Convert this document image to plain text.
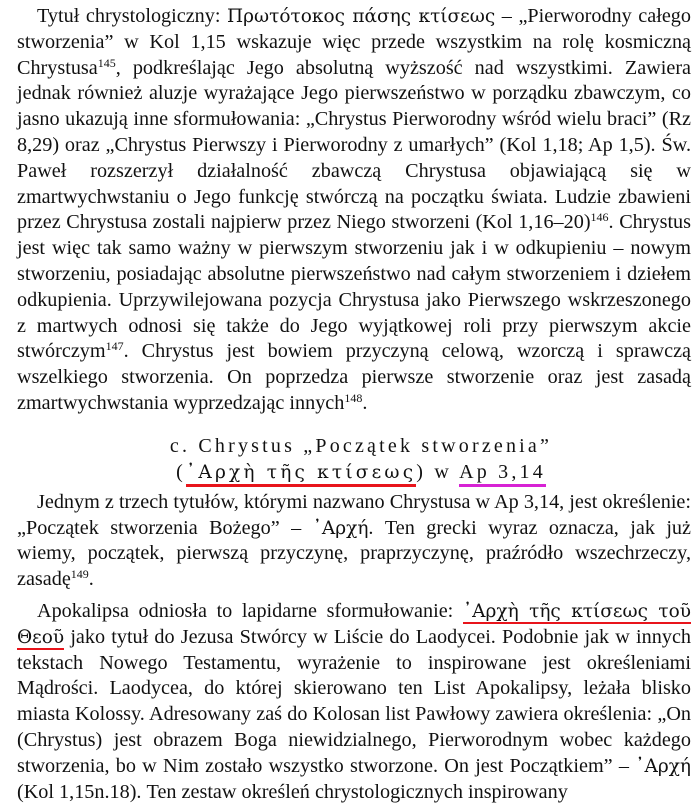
Tytuł chrystologiczny: Πρωτότοκος πάσης κτίσεως – „Pierworodny całego stworzenia” w Kol 1,15 wskazuje więc przede wszystkim na rolę kosmiczną Chrystusa$^{145}$, podkreślając Jego absolutną wyższość nad wszystkimi. Zawiera jednak również aluzje wyrażające Jego pierwszeństwo w porządku zbawczym, co jasno ukazują inne sformułowania: „Chrystus Pierworodny wśród wielu braci” (Rz 8,29) oraz „Chrystus Pierwszy i Pierworodny z umarłych” (Kol 1,18; Ap 1,5). Św. Paweł rozszerzył działalność zbawczą Chrystusa objawiającą się w zmartwychwstaniu o Jego funkcję stwórczą na początku świata. Ludzie zbawieni przez Chrystusa zostali najpierw przez Niego stworzeni (Kol 1,16–20)$^{146}$. Chrystus jest więc tak samo ważny w pierwszym stworzeniu jak i w odkupieniu – nowym stworzeniu, posiadając absolutne pierwszeństwo nad całym stworzeniem i dziełem odkupienia. Uprzywilejowana pozycja Chrystusa jako Pierwszego wskrzeszonego z martwych odnosi się także do Jego wyjątkowej roli przy pierwszym akcie stwórczym$^{147}$. Chrystus jest bowiem przyczyną celową, wzorczą i sprawczą wszelkiego stworzenia. On poprzedza pierwsze stworzenie oraz jest zasadą zmartwychwstania wyprzedzając innych$^{148}$.

c. Chrystus „Początek stworzenia”
(᾿Αρχὴ τῆς κτίσεως) w Ap 3,14

Jednym z trzech tytułów, którymi nazwano Chrystusa w Ap 3,14, jest określenie: „Początek stworzenia Bożego” – ᾿Αρχή. Ten grecki wyraz oznacza, jak już wiemy, początek, pierwszą przyczynę, praprzyczynę, praźródło wszechrzeczy, zasadę$^{149}$.

Apokalipsa odniosła to lapidarne sformułowanie: ᾿Αρχὴ τῆς κτίσεως τοῦ Θεοῦ jako tytuł do Jezusa Stwórcy w Liście do Laodycei. Podobnie jak w innych tekstach Nowego Testamentu, wyrażenie to inspirowane jest określeniami Mądrości. Laodycea, do której skierowano ten List Apokalipsy, leżała blisko miasta Kolossy. Adresowany zaś do Kolosan list Pawłowy zawiera określenia: „On (Chrystus) jest obrazem Boga niewidzialnego, Pierworodnym wobec każdego stworzenia, bo w Nim zostało wszystko stworzone. On jest Początkiem” – ᾿Αρχή (Kol 1,15n.18). Ten zestaw określeń chrystologicznych inspirowany
